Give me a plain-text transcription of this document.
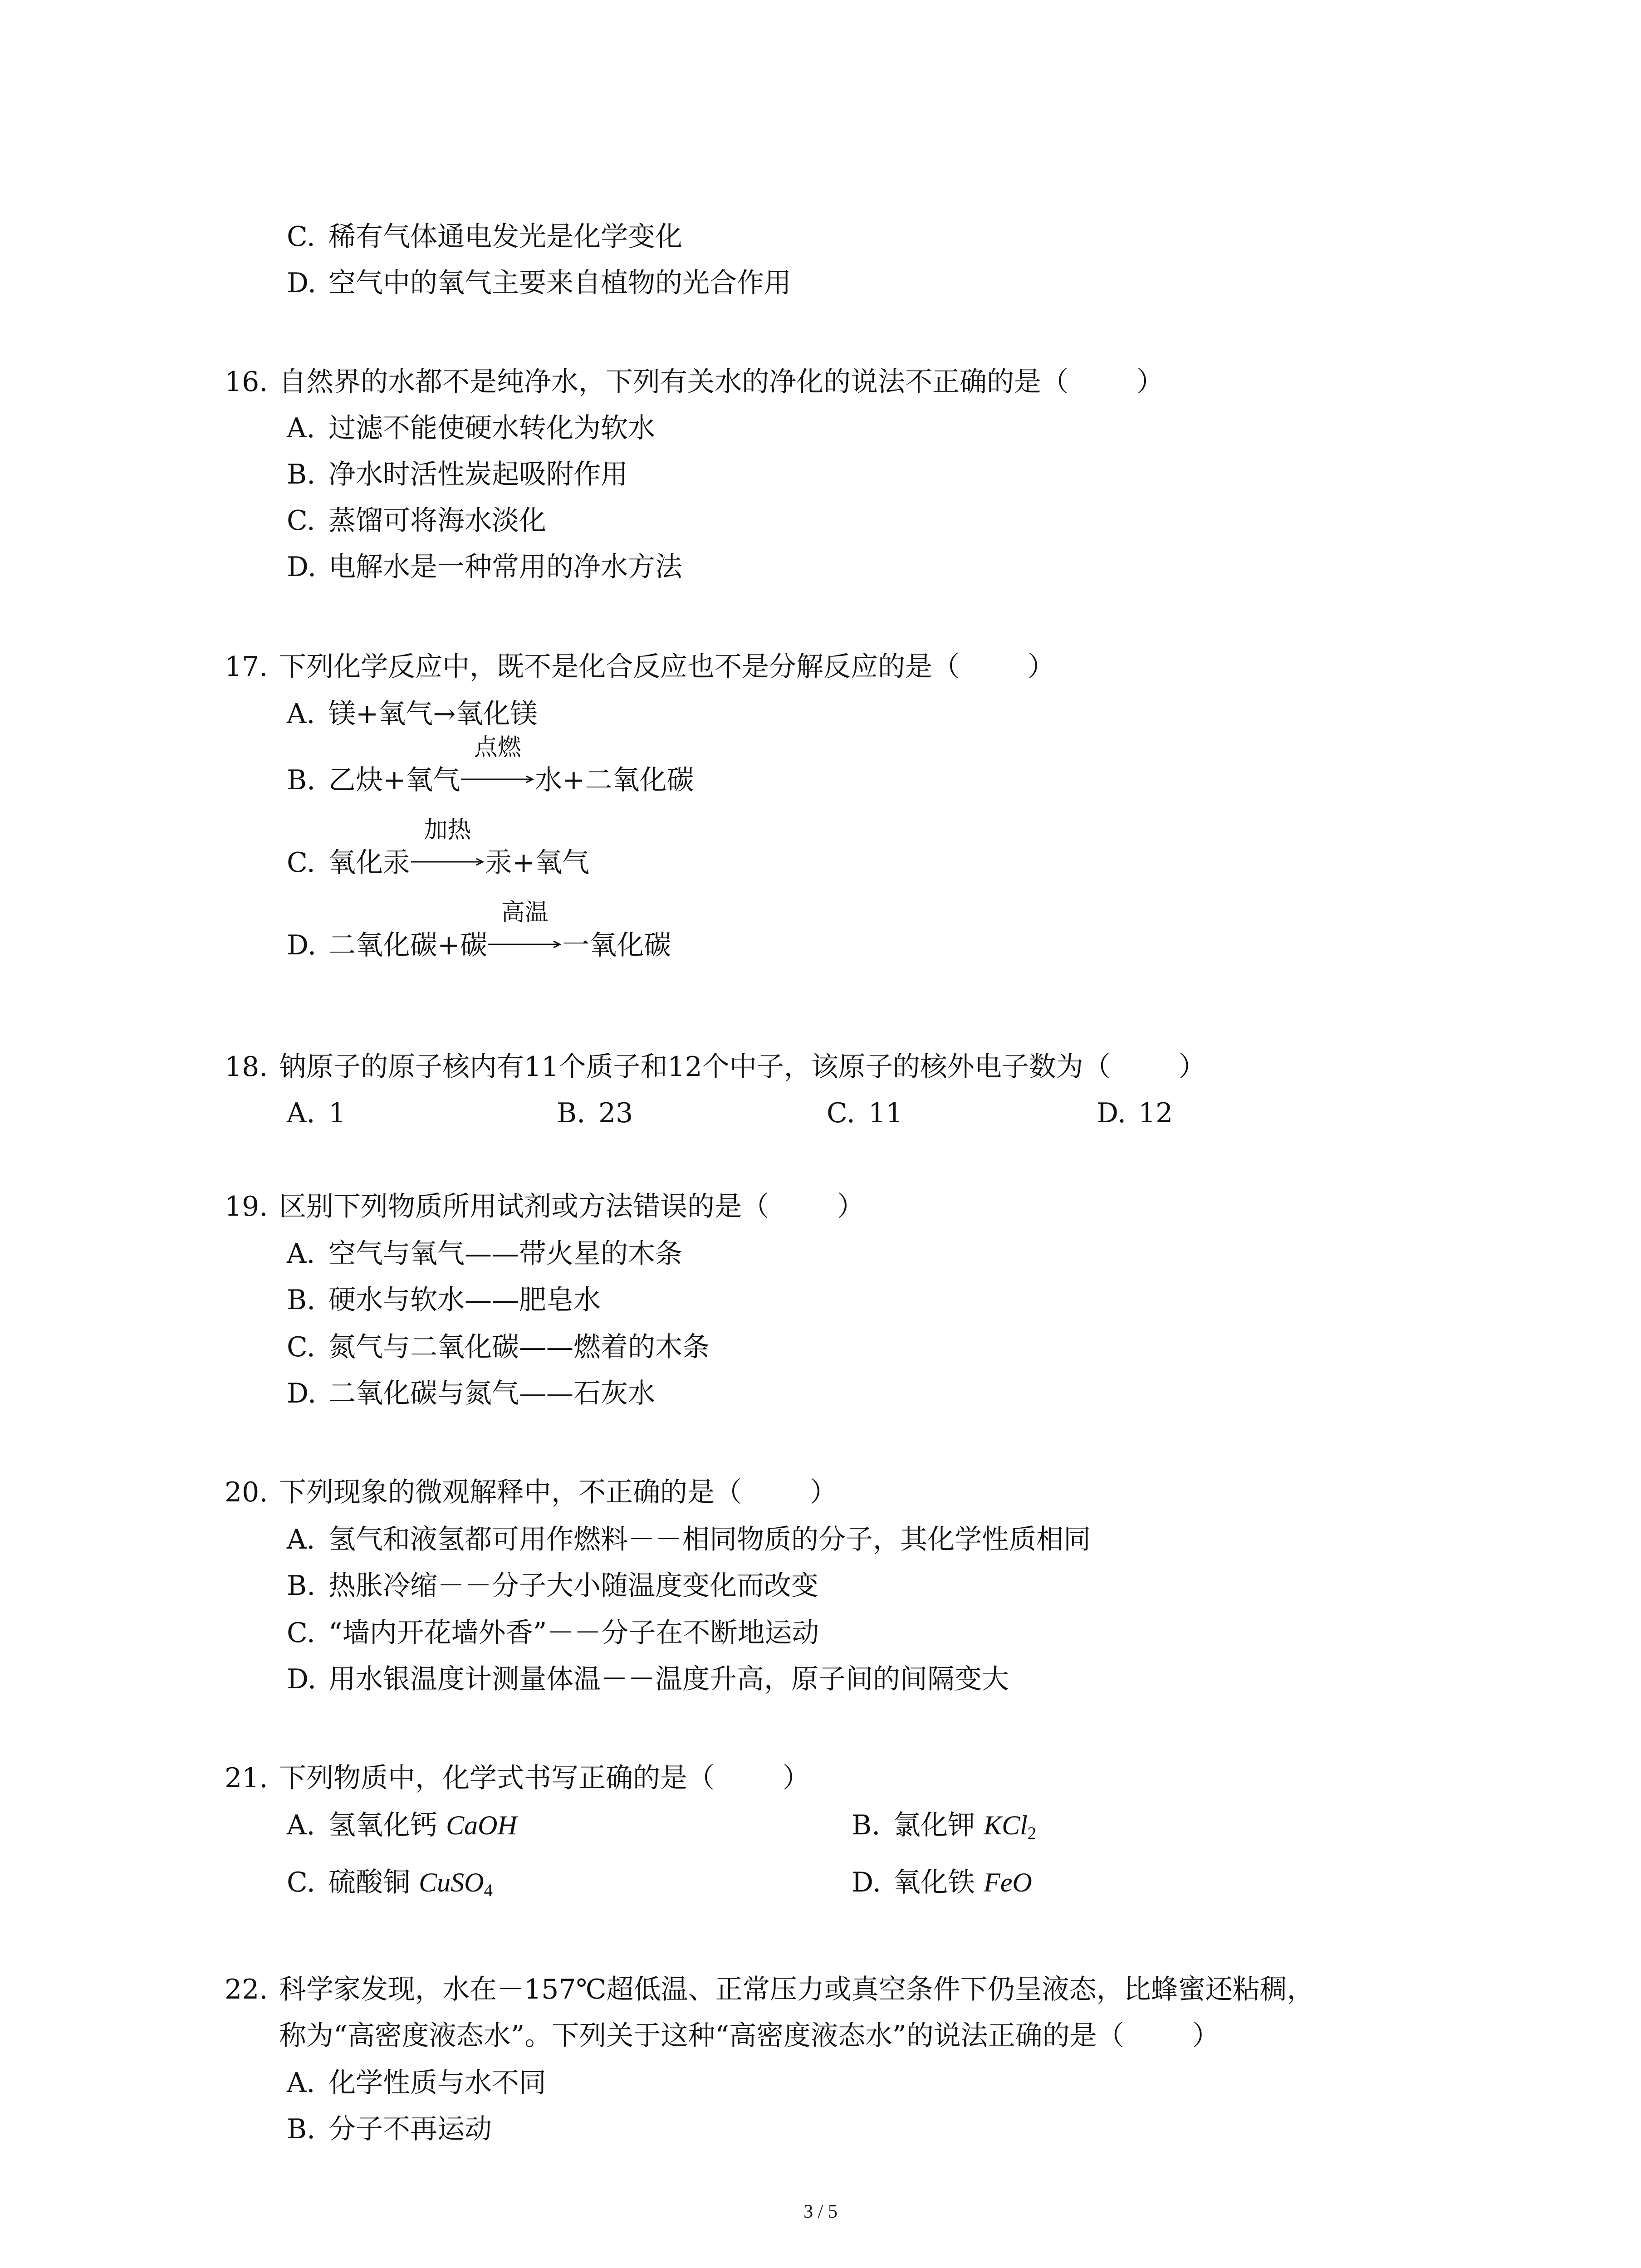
C. 稀有气体通电发光是化学变化
D. 空气中的氧气主要来自植物的光合作用
16. 自然界的水都不是纯净水，下列有关水的净化的说法不正确的是（	）
A. 过滤不能使硬水转化为软水
B. 净水时活性炭起吸附作用
C. 蒸馏可将海水淡化
D. 电解水是一种常用的净水方法
17. 下列化学反应中，既不是化合反应也不是分解反应的是（	）
A. 镁+氧气→氧化镁
B. 乙炔+氧气
点燃
水+二氧化碳
C. 氧化汞
加热
汞+氧气
D. 二氧化碳+碳
高温
一氧化碳
18. 钠原子的原子核内有11个质子和12个中子，该原子的核外电子数为（	）
A. 1	B. 23	C. 11	D. 12
19. 区别下列物质所用试剂或方法错误的是（	）
A. 空气与氧气——带火星的木条
B. 硬水与软水——肥皂水
C. 氮气与二氧化碳——燃着的木条
D. 二氧化碳与氮气——石灰水
20. 下列现象的微观解释中，不正确的是（	）
A. 氢气和液氢都可用作燃料－－相同物质的分子，其化学性质相同
B. 热胀冷缩－－分子大小随温度变化而改变
C. “墙内开花墙外香”－－分子在不断地运动
D. 用水银温度计测量体温－－温度升高，原子间的间隔变大
21. 下列物质中，化学式书写正确的是（	）
A. 氢氧化钙 CaOH	B. 氯化钾 KCl$_2$
C. 硫酸铜 CuSO$_4$	D. 氧化铁 FeO
22. 科学家发现，水在－157℃超低温、正常压力或真空条件下仍呈液态，比蜂蜜还粘稠，
称为“高密度液态水”。下列关于这种“高密度液态水”的说法正确的是（	）
A. 化学性质与水不同
B. 分子不再运动
3 / 5
